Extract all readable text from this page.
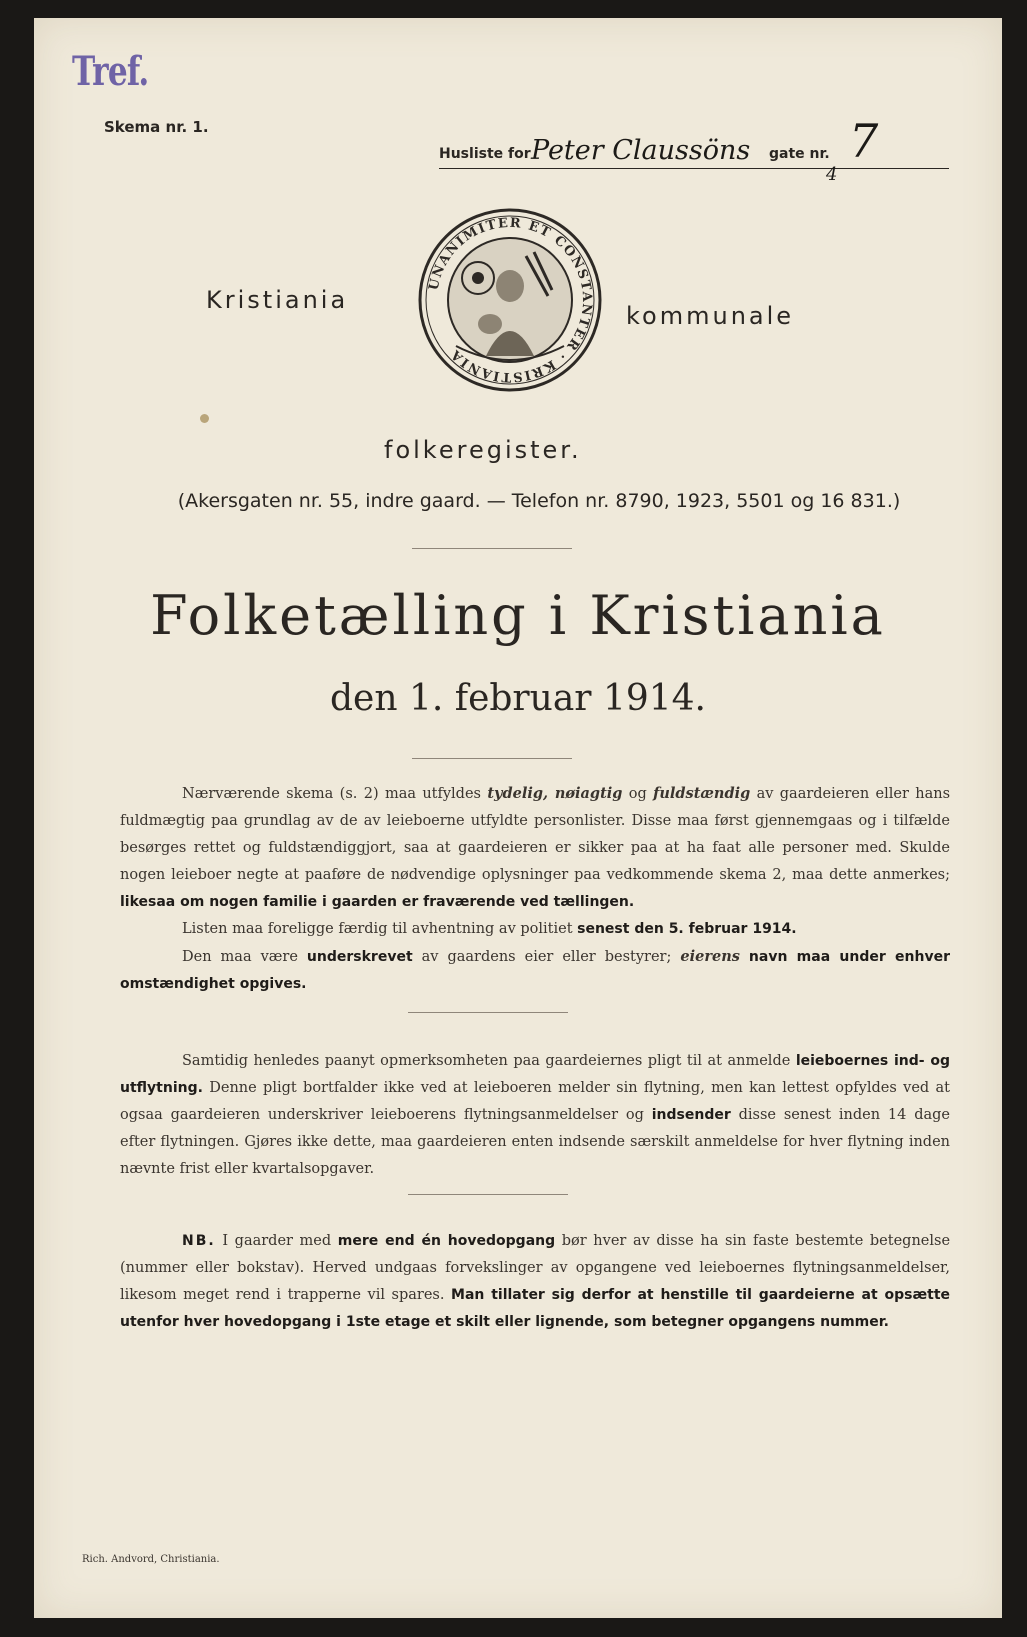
Tref.
Skema nr. 1.
Husliste for Peter Claussöns gate nr. 7
4
Kristiania
UNANIMITER ET CONSTANTER · KRISTIANIA
kommunale
folkeregister.
(Akersgaten nr. 55, indre gaard. — Telefon nr. 8790, 1923, 5501 og 16 831.)
Folketælling i Kristiania
den 1. februar 1914.

Nærværende skema (s. 2) maa utfyldes tydelig, nøiagtig og fuldstændig av gaardeieren eller hans fuldmægtig paa grundlag av de av leieboerne utfyldte personlister. Disse maa først gjennemgaas og i tilfælde besørges rettet og fuldstændiggjort, saa at gaardeieren er sikker paa at ha faat alle personer med. Skulde nogen leieboer negte at paaføre de nødvendige oplysninger paa vedkommende skema 2, maa dette anmerkes; likesaa om nogen familie i gaarden er fraværende ved tællingen.

Listen maa foreligge færdig til avhentning av politiet senest den 5. februar 1914.

Den maa være underskrevet av gaardens eier eller bestyrer; eierens navn maa under enhver omstændighet opgives.

Samtidig henledes paanyt opmerksomheten paa gaardeiernes pligt til at anmelde leieboernes ind- og utflytning. Denne pligt bortfalder ikke ved at leieboeren melder sin flytning, men kan lettest opfyldes ved at ogsaa gaardeieren underskriver leieboerens flytningsanmeldelser og indsender disse senest inden 14 dage efter flytningen. Gjøres ikke dette, maa gaardeieren enten indsende særskilt anmeldelse for hver flytning inden nævnte frist eller kvartalsopgaver.

NB. I gaarder med mere end én hovedopgang bør hver av disse ha sin faste bestemte betegnelse (nummer eller bokstav). Herved undgaas forvekslinger av opgangene ved leieboernes flytningsanmeldelser, likesom meget rend i trapperne vil spares. Man tillater sig derfor at henstille til gaardeierne at opsætte utenfor hver hovedopgang i 1ste etage et skilt eller lignende, som betegner opgangens nummer.

Rich. Andvord, Christiania.
